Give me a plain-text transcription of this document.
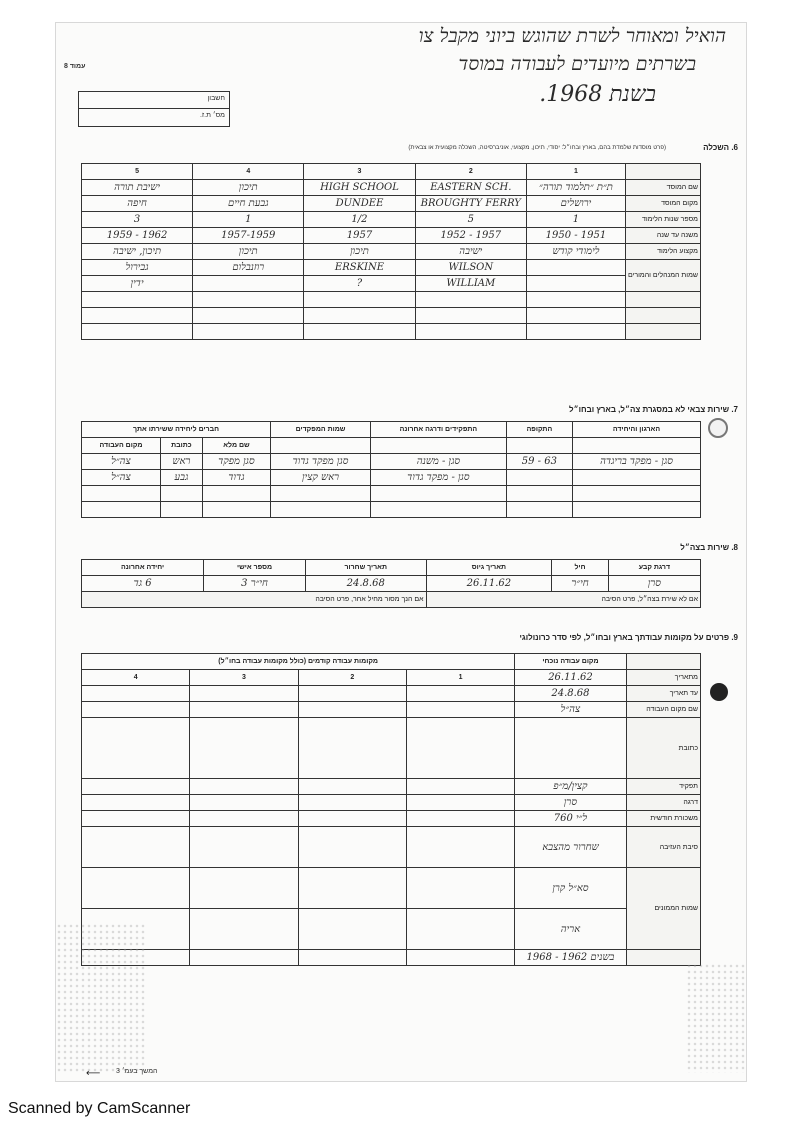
הואיל ומאוחר לשרת שהוגש ביוני מקבל צו
בשרתים מיועדים לעבודה במוסד
בשנת 1968.
עמוד 8
חשבון
מס׳ ת.ז.
6. השכלה
(פרט מוסדות שלמדת בהם, בארץ ובחו״ל: יסודי, תיכון, מקצועי, אוניברסיטה, השכלה מקצועית או צבאית)
5	4	3	2	1	
ישיבת תורה	תיכון	HIGH SCHOOL	EASTERN SCH.	ת״ת ״תלמוד תורה״	שם המוסד
חיפה	גבעת חיים	DUNDEE	BROUGHTY FERRY	ירושלים	מקום המוסד
3	1	1/2	5	1	מספר שנות הלימוד
1959 - 1962	1957-1959	1957	1952 - 1957	1950 - 1951	משנה עד שנה
תיכון, ישיבה	תיכון	תיכון	ישיבה	לימודי קודש	מקצוע הלימוד
גבירול	רוזנבלום	ERSKINE	WILSON		שמות המנהלים והמורים
ידין		?	WILLIAM		

7. שירות צבאי לא במסגרת צה״ל, בארץ ובחו״ל
הארגון והיחידה	התקופה	התפקידים ודרגה אחרונה	שמות המפקדים	חברים ליחידה ששירתו אתך		
				שם מלא	כתובת	מקום העבודה
סגן - מפקד בריגדה	63 - 59	סגן - משנה	סגן מפקד גדוד	סגן מפקד	ראש	צה״ל
		סגן - מפקד גדוד	ראש קצין	גדוד	גבע	צה״ל

8. שירות בצה״ל
דרגת קבע	חיל	תאריך גיוס	תאריך שחרור	מספר אישי	יחידה אחרונה
סרן	חי״ר	26.11.62	24.8.68	חי״ר 3	6 גד
אם לא שירת בצה״ל, פרט הסיבה			אם הנך מסור מחיל אחר, פרט הסיבה		
9. פרטים על מקומות עבודתך בארץ ובחו״ל, לפי סדר כרונולוגי
מקומות עבודה קודמים (כולל מקומות עבודה בחו״ל)				מקום עבודה נוכחי	
4	3	2	1	26.11.62	מתאריך
				24.8.68	עד תאריך
				צה״ל	שם מקום העבודה
					כתובת
				קצין/מ״פ	תפקיד
				סרן	דרגה
				760 ל״י	משכורת חודשית
				שחרור מהצבא	סיבת העזיבה
				סא״ל קרן	שמות הממונים
				אריה	
				בשנים 1962 - 1968	
המשך בעמ׳ 3
⟵
Scanned by CamScanner
